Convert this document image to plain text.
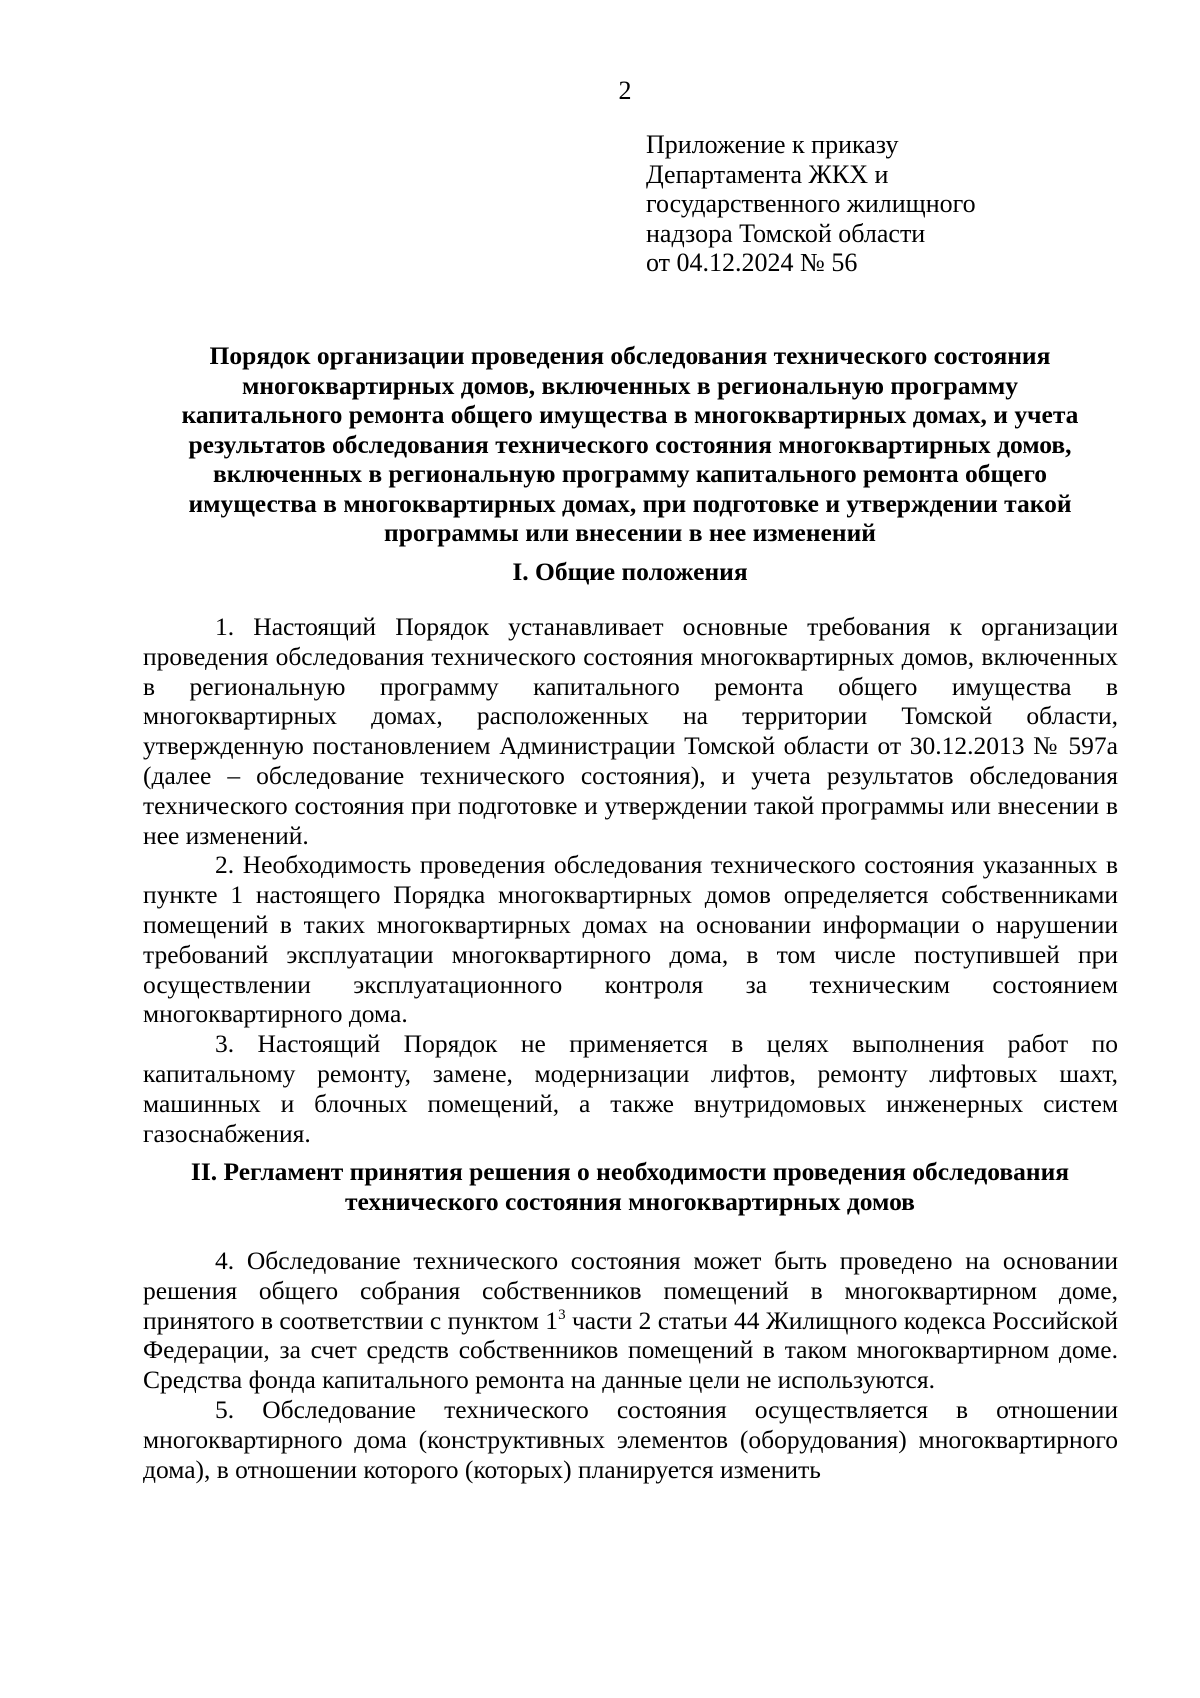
2
Приложение к приказу
Департамента ЖКХ и
государственного жилищного
надзора Томской области
от 04.12.2024 № 56
Порядок организации проведения обследования технического состояния многоквартирных домов, включенных в региональную программу капитального ремонта общего имущества в многоквартирных домах, и учета результатов обследования технического состояния многоквартирных домов, включенных в региональную программу капитального ремонта общего имущества в многоквартирных домах, при подготовке и утверждении такой программы или внесении в нее изменений
I. Общие положения

1. Настоящий Порядок устанавливает основные требования к организации проведения обследования технического состояния многоквартирных домов, включенных в региональную программу капитального ремонта общего имущества в многоквартирных домах, расположенных на территории Томской области, утвержденную постановлением Администрации Томской области от 30.12.2013 № 597а (далее – обследование технического состояния), и учета результатов обследования технического состояния при подготовке и утверждении такой программы или внесении в нее изменений.

2. Необходимость проведения обследования технического состояния указанных в пункте 1 настоящего Порядка многоквартирных домов определяется собственниками помещений в таких многоквартирных домах на основании информации о нарушении требований эксплуатации многоквартирного дома, в том числе поступившей при осуществлении эксплуатационного контроля за техническим состоянием многоквартирного дома.

3. Настоящий Порядок не применяется в целях выполнения работ по капитальному ремонту, замене, модернизации лифтов, ремонту лифтовых шахт, машинных и блочных помещений, а также внутридомовых инженерных систем газоснабжения.

II. Регламент принятия решения о необходимости проведения обследования технического состояния многоквартирных домов

4. Обследование технического состояния может быть проведено на основании решения общего собрания собственников помещений в многоквартирном доме, принятого в соответствии с пунктом $1^3$ части 2 статьи 44 Жилищного кодекса Российской Федерации, за счет средств собственников помещений в таком многоквартирном доме. Средства фонда капитального ремонта на данные цели не используются.

5. Обследование технического состояния осуществляется в отношении многоквартирного дома (конструктивных элементов (оборудования) многоквартирного дома), в отношении которого (которых) планируется изменить
